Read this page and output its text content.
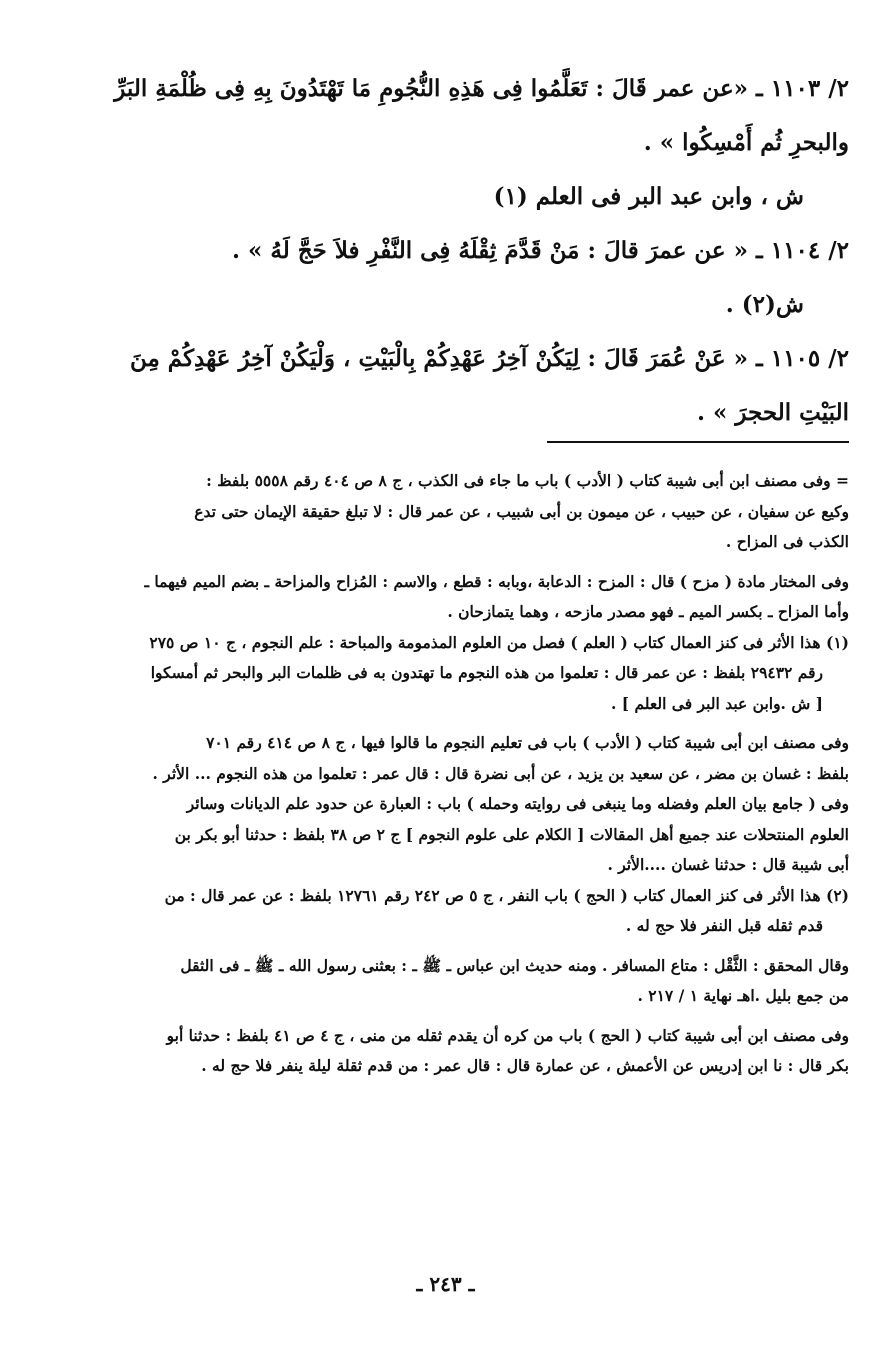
٢/ ١١٠٣ ـ «عن عمر قَالَ : تَعَلَّمُوا فِى هَذِهِ النُّجُومِ مَا تَهْتَدُونَ بِهِ فِى ظُلْمَةِ البَرِّ

والبحرِ ثُم أَمْسِكُوا » .

ش ، وابن عبد البر فى العلم (١)

٢/ ١١٠٤ ـ « عن عمرَ قالَ : مَنْ قَدَّمَ ثِقْلَهُ فِى النَّفْرِ فلاَ حَجَّ لَهُ » .

ش(٢) .

٢/ ١١٠٥ ـ « عَنْ عُمَرَ قَالَ : لِيَكُنْ آخِرُ عَهْدِكُمْ بِالْبَيْتِ ، وَلْيَكُنْ آخِرُ عَهْدِكُمْ مِنَ

البَيْتِ الحجرَ » .

= وفى مصنف ابن أبى شيبة كتاب ( الأدب ) باب ما جاء فى الكذب ، ج ٨ ص ٤٠٤ رقم ٥٥٥٨ بلفظ :

وكيع عن سفيان ، عن حبيب ، عن ميمون بن أبى شبيب ، عن عمر قال : لا تبلغ حقيقة الإيمان حتى تدع

الكذب فى المزاح .

وفى المختار مادة ( مزح ) قال : المزح : الدعابة ،وبابه : قطع ، والاسم : المُزاح والمزاحة ـ بضم الميم فيهما ـ

وأما المزاح ـ بكسر الميم ـ فهو مصدر مازحه ، وهما يتمازحان .

(١) هذا الأثر فى كنز العمال كتاب ( العلم ) فصل من العلوم المذمومة والمباحة : علم النجوم ، ج ١٠ ص ٢٧٥

رقم ٢٩٤٣٢ بلفظ : عن عمر قال : تعلموا من هذه النجوم ما تهتدون به فى ظلمات البر والبحر ثم أمسكوا

[ ش .وابن عبد البر فى العلم ] .

وفى مصنف ابن أبى شيبة كتاب ( الأدب ) باب فى تعليم النجوم ما قالوا فيها ، ج ٨ ص ٤١٤ رقم ٧٠١

بلفظ : غسان بن مضر ، عن سعيد بن يزيد ، عن أبى نضرة قال : قال عمر : تعلموا من هذه النجوم ... الأثر .

وفى ( جامع بيان العلم وفضله وما ينبغى فى روايته وحمله ) باب : العبارة عن حدود علم الديانات وسائر

العلوم المنتحلات عند جميع أهل المقالات [ الكلام على علوم النجوم ] ج ٢ ص ٣٨ بلفظ : حدثنا أبو بكر بن

أبى شيبة قال : حدثنا غسان ....الأثر .

(٢) هذا الأثر فى كنز العمال كتاب ( الحج ) باب النفر ، ج ٥ ص ٢٤٢ رقم ١٢٧٦١ بلفظ : عن عمر قال : من

قدم ثقله قبل النفر فلا حج له .

وقال المحقق : الثَّقْل : متاع المسافر . ومنه حديث ابن عباس ـ ﷺ ـ : بعثنى رسول الله ـ ﷺ ـ فى الثقل

من جمع بليل .اهـ نهاية ١ / ٢١٧ .

وفى مصنف ابن أبى شيبة كتاب ( الحج ) باب من كره أن يقدم ثقله من منى ، ج ٤ ص ٤١ بلفظ : حدثنا أبو

بكر قال : نا ابن إدريس عن الأعمش ، عن عمارة قال : قال عمر : من قدم ثقلة ليلة ينفر فلا حج له .

ـ ٢٤٣ ـ
